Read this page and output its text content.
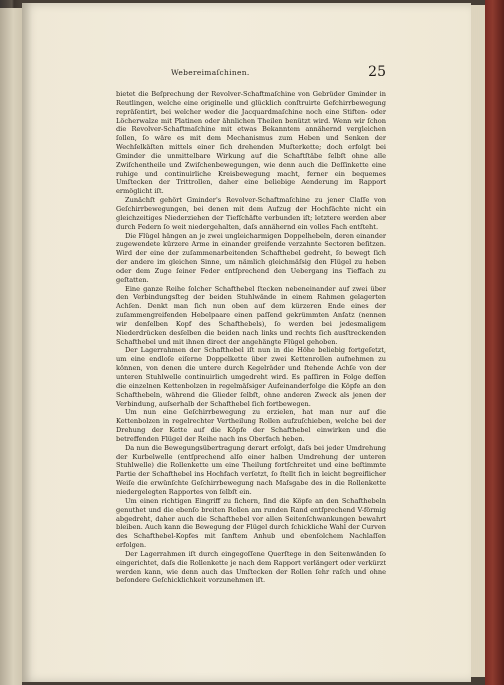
Webereimaſchinen.	25

bietet die Beſprechung der Revolver-Schaftmaſchine von Gebrüder Gminder in Reutlingen, welche eine originelle und glücklich conſtruirte Gefchirrbewegung repräſentirt, bei welcher weder die Jacquardmaſchine noch eine Stiften- oder Löcherwalze mit Platinen oder ähnlichen Theilen benützt wird. Wenn wir ſchon die Revolver-Schaftmaſchine mit etwas Bekanntem annähernd vergleichen ſollen, ſo wäre es mit dem Mechanismus zum Heben und Senken der Wechſelkäſten mittels einer ſich drehenden Muſterkette; doch erfolgt bei Gminder die unmittelbare Wirkung auf die Schaftſtäbe ſelbſt ohne alle Zwiſchentheile und Zwiſchenbewegungen, wie denn auch die Deſſinkette eine ruhige und continuirliche Kreisbewegung macht, ferner ein bequemes Umſtecken der Trittrollen, daher eine beliebige Aenderung im Rapport ermöglicht iſt.

Zunächſt gehört Gminder's Revolver-Schaftmaſchine zu jener Claſſe von Geſchirrbewegungen, bei denen mit dem Aufzug der Hochfächte nicht ein gleichzeitiges Niederziehen der Tiefſchäfte verbunden iſt; letztere werden aber durch Federn ſo weit niedergehalten, daſs annähernd ein volles Fach entſteht.

Die Flügel hängen an je zwei ungleicharmigen Doppelhebeln, deren einander zugewendete kürzere Arme in einander greifende verzahnte Sectoren beſitzen. Wird der eine der zuſammenarbeitenden Schafthebel gedreht, ſo bewegt ſich der andere im gleichen Sinne, um nämlich gleichmäſsig den Flügel zu heben oder dem Zuge ſeiner Feder entſprechend den Uebergang ins Tieffach zu geſtatten.

Eine ganze Reihe ſolcher Schafthebel ſtecken nebeneinander auf zwei über den Verbindungsſteg der beiden Stuhlwände in einem Rahmen gelagerten Achſen. Denkt man ſich nun oben auf dem kürzeren Ende eines der zuſammengreifenden Hebelpaare einen paſſend gekrümmten Anſatz (nennen wir denſelben Kopf des Schafthebels), ſo werden bei jedesmaligem Niederdrücken desſelben die beiden nach links und rechts ſich ausſtreckenden Schafthebel und mit ihnen direct der angehängte Flügel gehoben.

Der Lagerrahmen der Schafthebel iſt nun in die Höhe beliebig fortgeſetzt, um eine endloſe eiſerne Doppelkette über zwei Kettenrollen aufnehmen zu können, von denen die untere durch Kegelräder und ſtehende Achſe von der unteren Stuhlwelle continuirlich umgedreht wird. Es paſſiren in Folge deſſen die einzelnen Kettenbolzen in regelmäſsiger Aufeinanderfolge die Köpfe an den Schafthebeln, während die Glieder ſelbſt, ohne anderen Zweck als jenen der Verbindung, auſserhalb der Schafthebel ſich fortbewegen.

Um nun eine Geſchirrbewegung zu erzielen, hat man nur auf die Kettenbolzen in regelrechter Vertheilung Rollen aufzuſchieben, welche bei der Drehung der Kette auf die Köpfe der Schafthebel einwirken und die betreffenden Flügel der Reihe nach ins Oberfach heben.

Da nun die Bewegungsübertragung derart erfolgt, daſs bei jeder Umdrehung der Kurbelwelle (entſprechend alſo einer halben Umdrehung der unteren Stuhlwelle) die Rollenkette um eine Theilung fortſchreitet und eine beſtimmte Partie der Schafthebel ins Hochfach verſetzt, ſo ſtellt ſich in leicht begreiflicher Weiſe die erwünſchte Geſchirrbewegung nach Maſsgabe des in die Rollenkette niedergelegten Rapportes von ſelbſt ein.

Um einen richtigen Eingriff zu ſichern, ſind die Köpfe an den Schafthebeln genuthet und die ebenſo breiten Rollen am runden Rand entſprechend V-förmig abgedreht, daher auch die Schafthebel vor allen Seitenſchwankungen bewahrt bleiben. Auch kann die Bewegung der Flügel durch ſchickliche Wahl der Curven des Schafthebel-Kopfes mit ſanftem Anhub und ebenſolchem Nachlaſſen erfolgen.

Der Lagerrahmen iſt durch eingegoſſene Querſtege in den Seitenwänden ſo eingerichtet, daſs die Rollenkette je nach dem Rapport verlängert oder verkürzt werden kann, wie denn auch das Umſtecken der Rollen ſehr raſch und ohne beſondere Geſchicklichkeit vorzunehmen iſt.
